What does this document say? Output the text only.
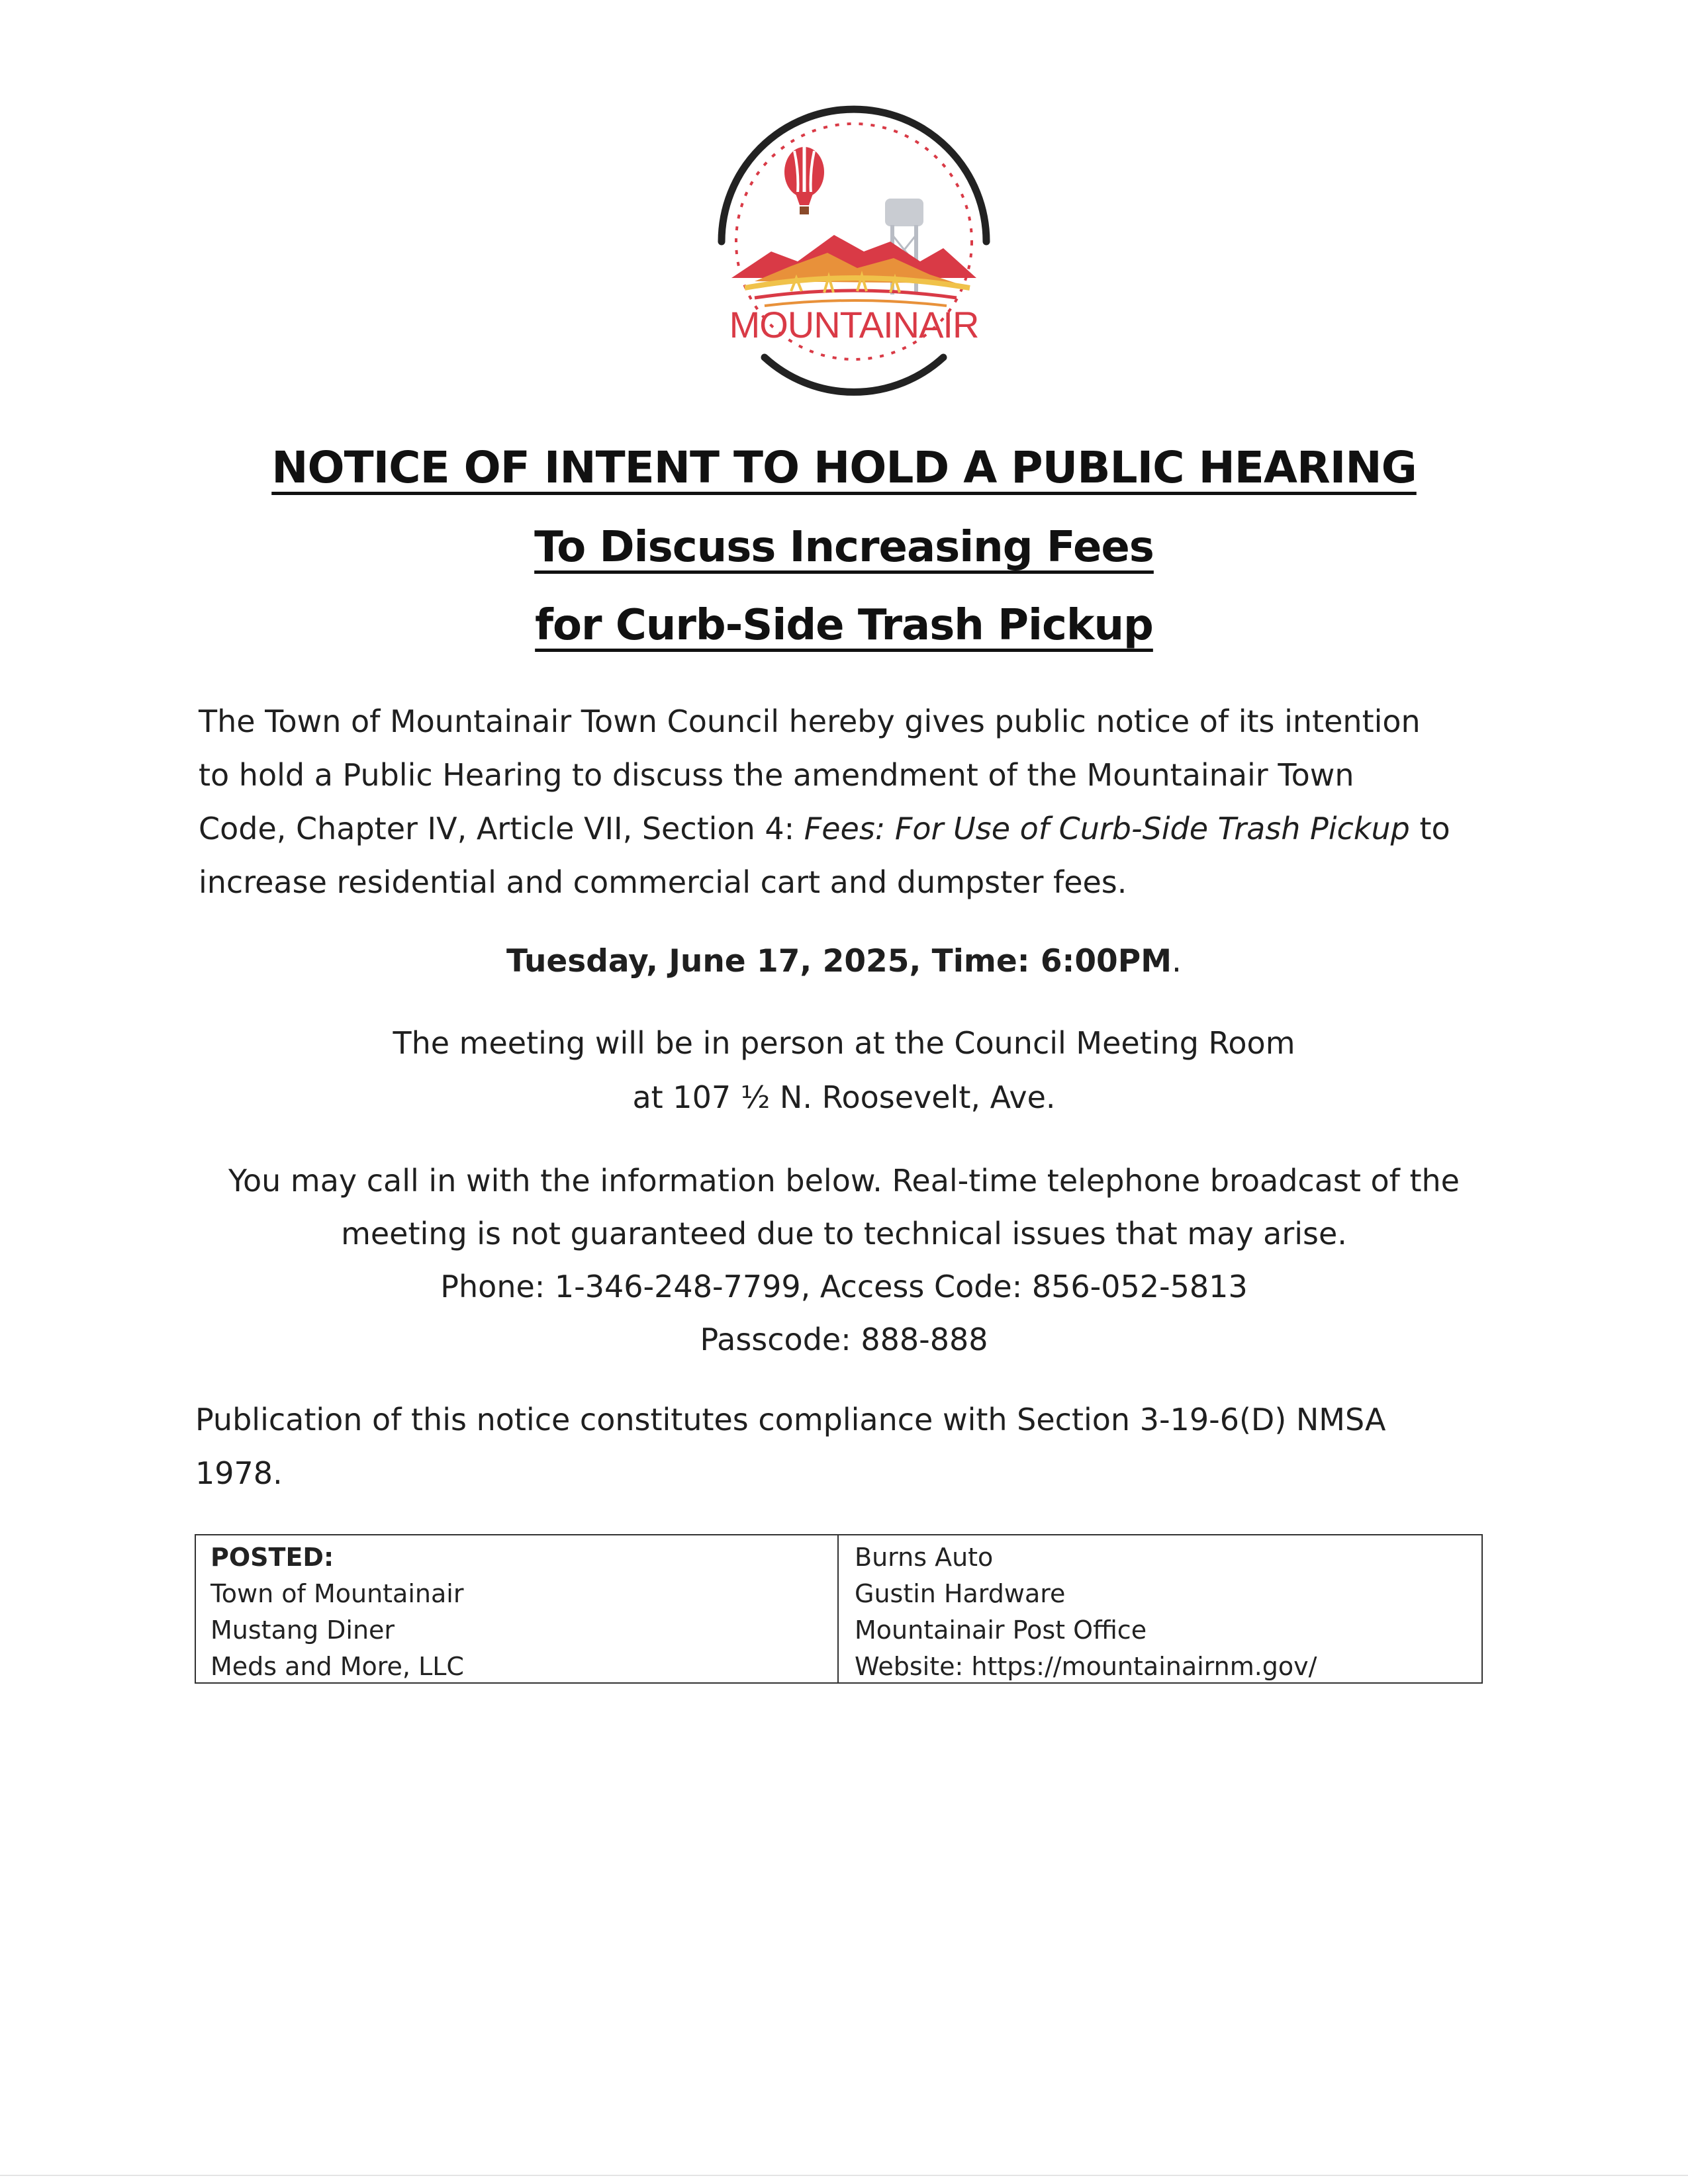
MOUNTAINAIR
NOTICE OF INTENT TO HOLD A PUBLIC HEARING
To Discuss Increasing Fees
for Curb-Side Trash Pickup
The Town of Mountainair Town Council hereby gives public notice of its intention
to hold a Public Hearing to discuss the amendment of the Mountainair Town
Code, Chapter IV, Article VII, Section 4: Fees: For Use of Curb-Side Trash Pickup to
increase residential and commercial cart and dumpster fees.
Tuesday, June 17, 2025, Time: 6:00PM.
The meeting will be in person at the Council Meeting Room
at 107 ½ N. Roosevelt, Ave.
You may call in with the information below. Real-time telephone broadcast of the
meeting is not guaranteed due to technical issues that may arise.
Phone: 1-346-248-7799, Access Code: 856-052-5813
Passcode: 888-888
Publication of this notice constitutes compliance with Section 3-19-6(D) NMSA
1978.
POSTED:
Town of Mountainair
Mustang Diner
Meds and More, LLC
Burns Auto
Gustin Hardware
Mountainair Post Office
Website: https://mountainairnm.gov/
